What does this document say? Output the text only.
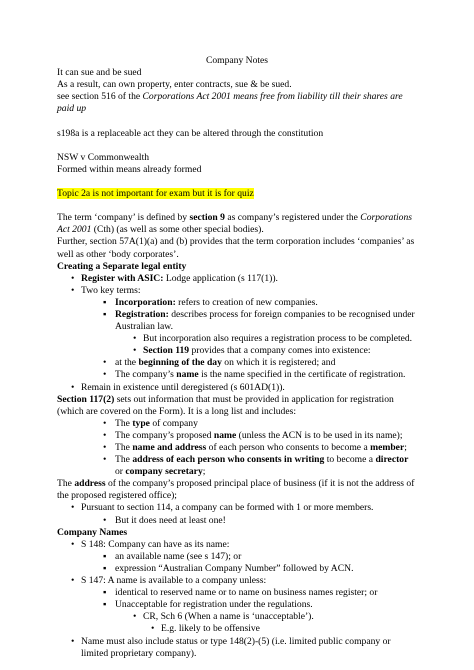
Company Notes

It can sue and be sued

As a result, can own property, enter contracts, sue & be sued.

see section 516 of the Corporations Act 2001 means free from liability till their shares are paid up

s198a is a replaceable act they can be altered through the constitution

NSW v Commonwealth

Formed within means already formed

Topic 2a is not important for exam but it is for quiz

The term ‘company’ is defined by section 9 as company’s registered under the Corporations Act 2001 (Cth) (as well as some other special bodies).

Further, section 57A(1)(a) and (b) provides that the term corporation includes ‘companies’ as well as other ‘body corporates’.

Creating a Separate legal entity

• Register with ASIC: Lodge application (s 117(1)).
• Two key terms:
▪ Incorporation: refers to creation of new companies.
▪ Registration: describes process for foreign companies to be recognised under Australian law.
• But incorporation also requires a registration process to be completed.
• Section 119 provides that a company comes into existence:
• at the beginning of the day on which it is registered; and
• The company’s name is the name specified in the certificate of registration.
• Remain in existence until deregistered (s 601AD(1)).

Section 117(2) sets out information that must be provided in application for registration (which are covered on the Form). It is a long list and includes:

• The type of company
• The company’s proposed name (unless the ACN is to be used in its name);
• The name and address of each person who consents to become a member;
• The address of each person who consents in writing to become a director or company secretary;

The address of the company’s proposed principal place of business (if it is not the address of the proposed registered office);

• Pursuant to section 114, a company can be formed with 1 or more members.
• But it does need at least one!

Company Names

• S 148: Company can have as its name:
▪ an available name (see s 147); or
▪ expression “Australian Company Number” followed by ACN.
• S 147: A name is available to a company unless:
▪ identical to reserved name or to name on business names register; or
▪ Unacceptable for registration under the regulations.
• CR, Sch 6 (When a name is ‘unacceptable’).
• E.g. likely to be offensive
• Name must also include status or type 148(2)-(5) (i.e. limited public company or limited proprietary company).
